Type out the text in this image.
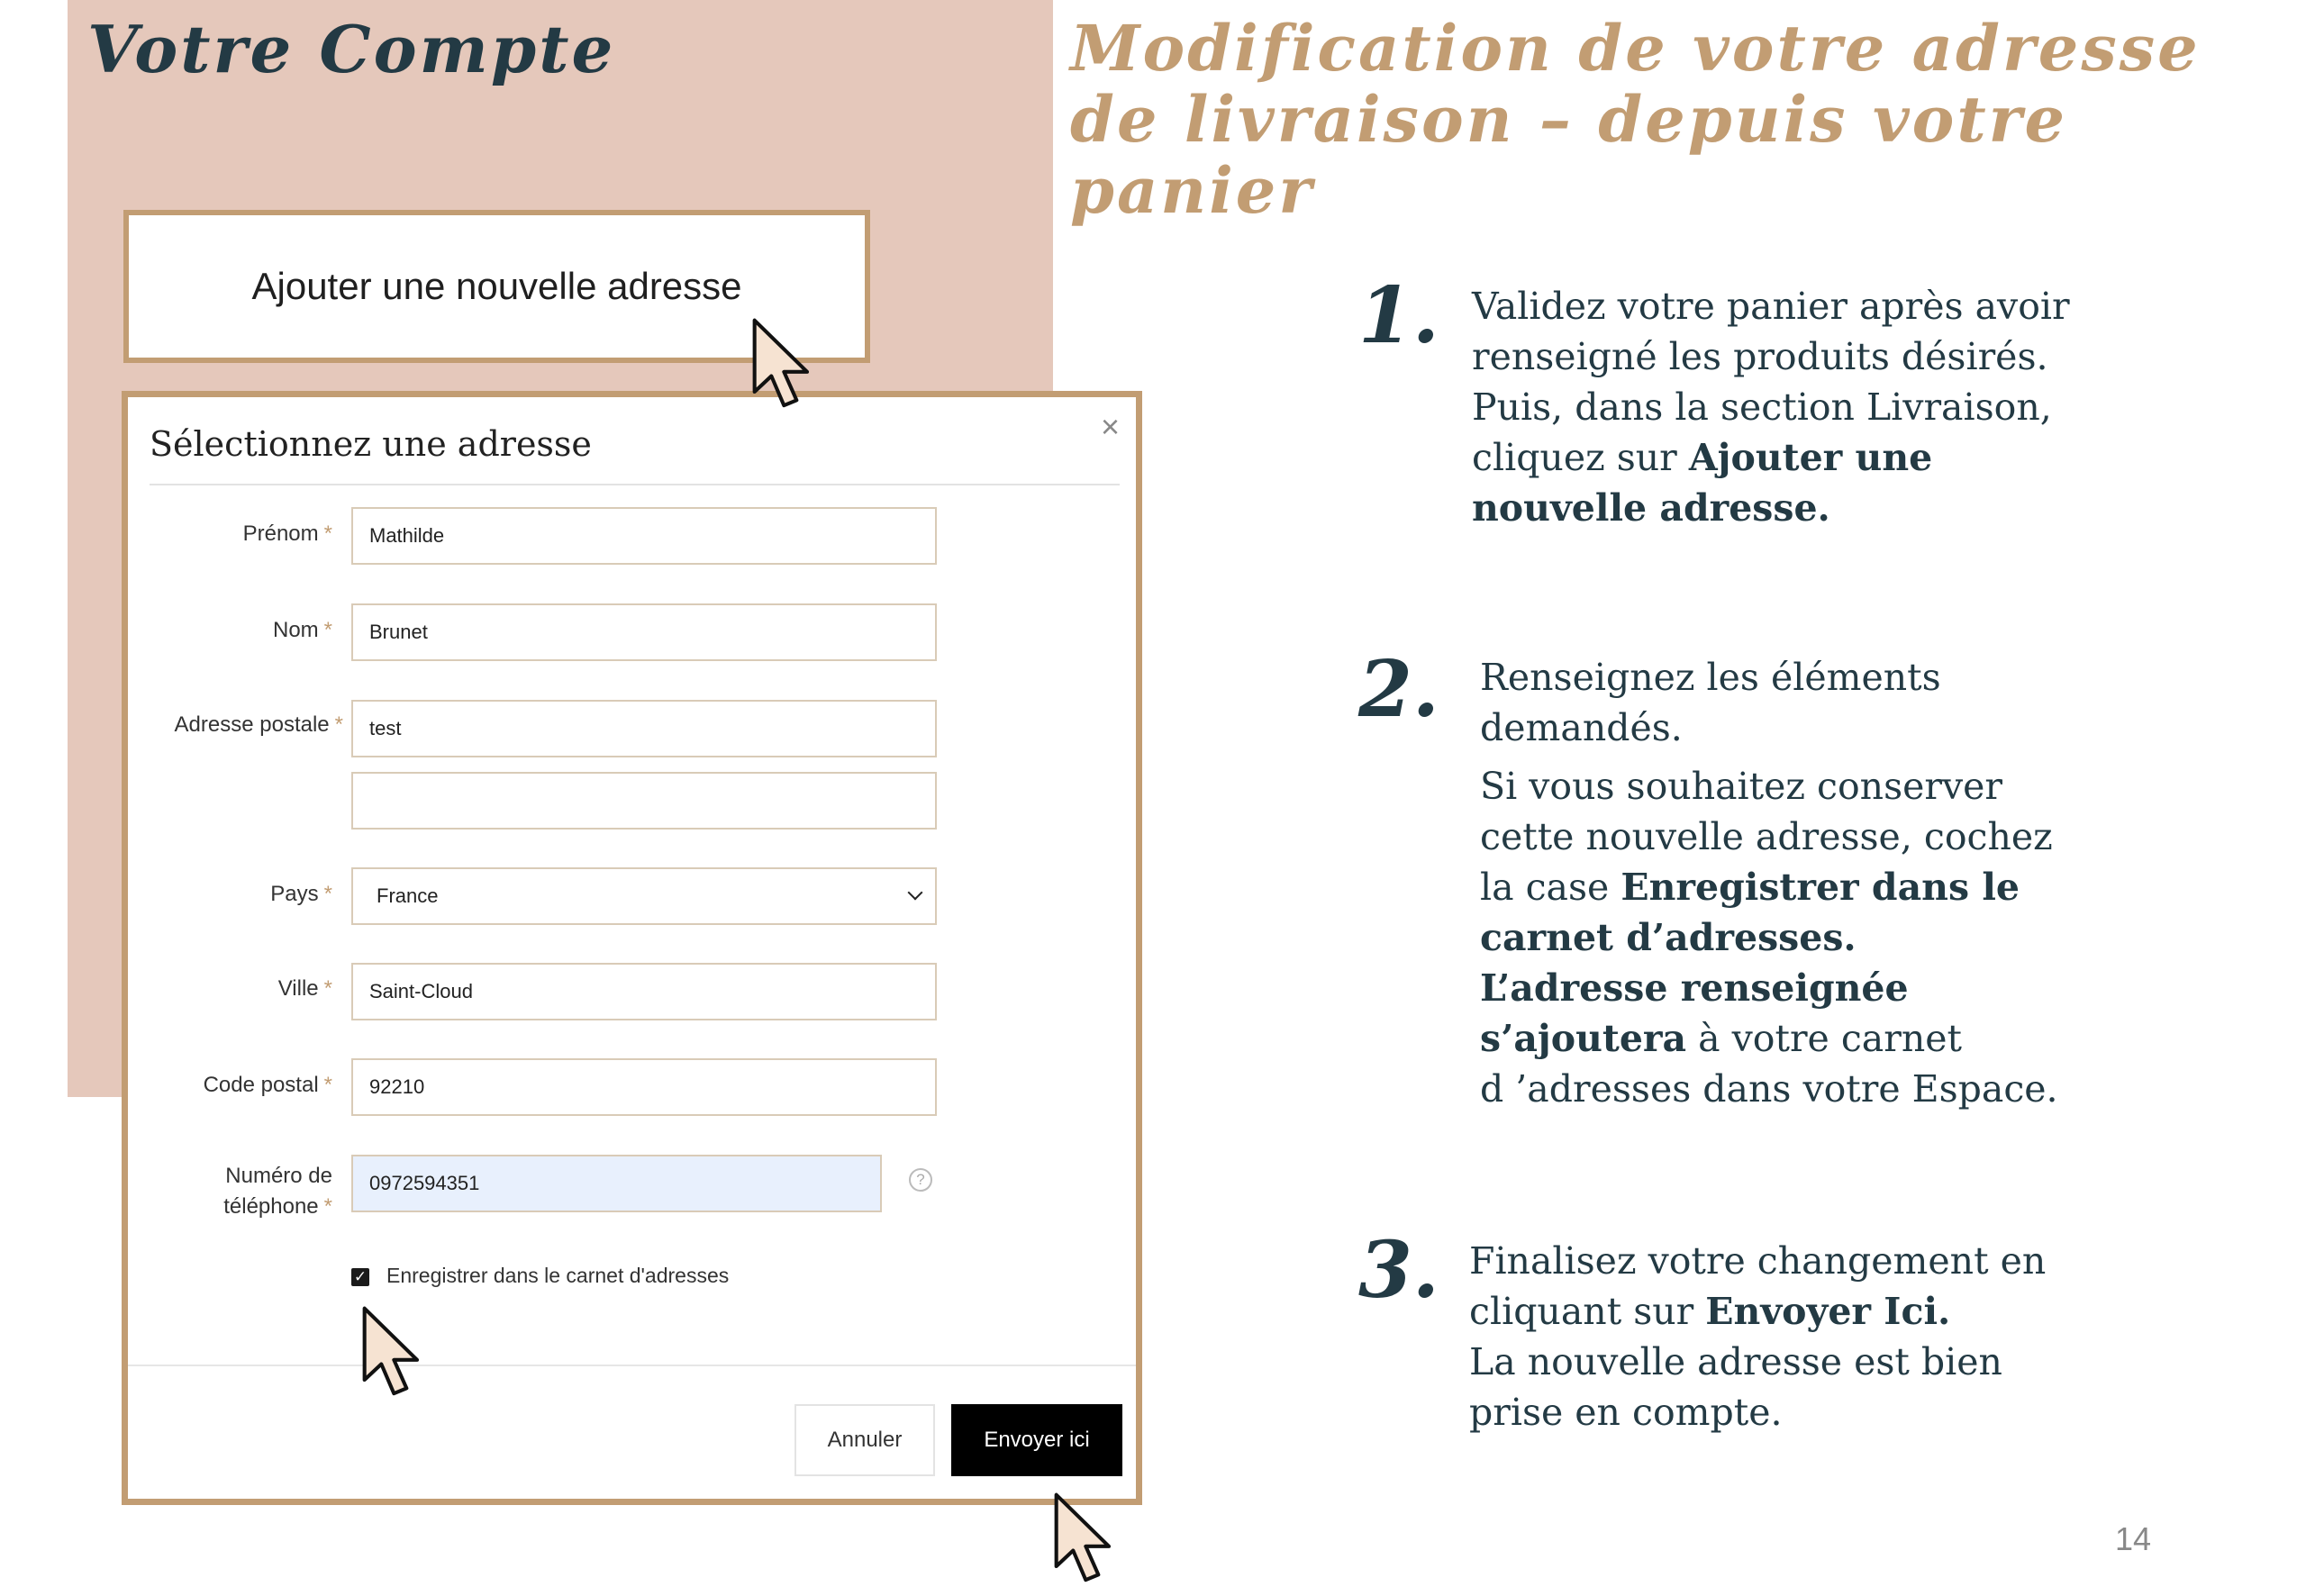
Votre Compte	Modification de votre adresse de livraison – depuis votre panier
Ajouter une nouvelle adresse
Sélectionnez une adresse	×
Prénom *
Mathilde
Nom *
Brunet
Adresse postale *
test
Pays *	France
Ville *
Saint-Cloud
Code postal *
92210
Numéro de
téléphone *
0972594351
?
✓ Enregistrer dans le carnet d'adresses
Annuler	Envoyer ici
1. Validez votre panier après avoir
renseigné les produits désirés.
Puis, dans la section Livraison,
cliquez sur Ajouter une
nouvelle adresse.

2. Renseignez les éléments
demandés.

Si vous souhaitez conserver
cette nouvelle adresse, cochez
la case Enregistrer dans le
carnet d’adresses.
L’adresse renseignée
s’ajoutera à votre carnet
d ’adresses dans votre Espace.

3. Finalisez votre changement en
cliquant sur Envoyer Ici.
La nouvelle adresse est bien
prise en compte.

14
